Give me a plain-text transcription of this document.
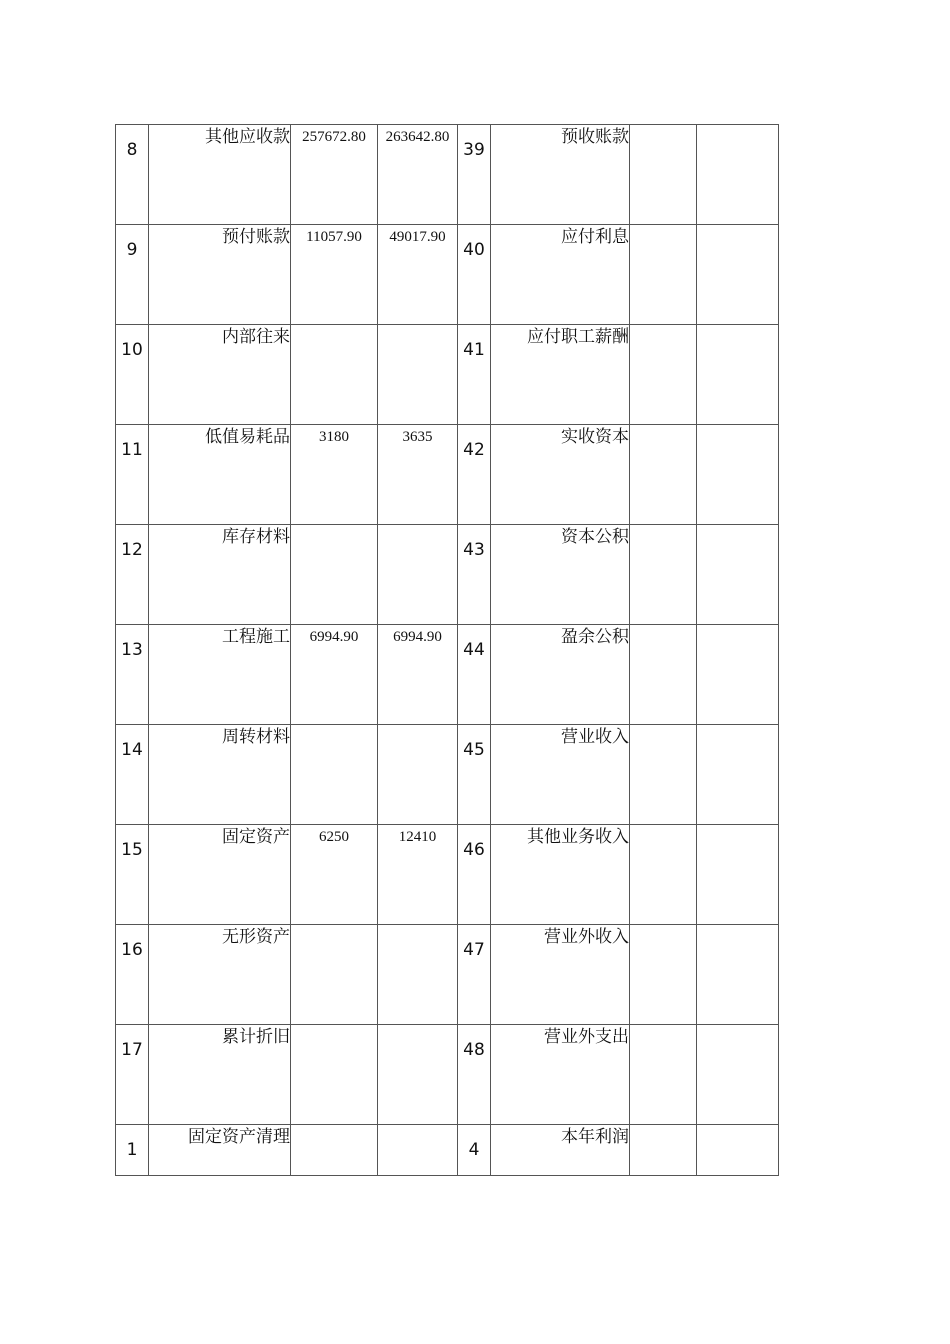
8	其他应收款	257672.80	263642.80	39	预收账款		
9	预付账款	11057.90	49017.90	40	应付利息		
10	内部往来			41	应付职工薪酬		
11	低值易耗品	3180	3635	42	实收资本		
12	库存材料			43	资本公积		
13	工程施工	6994.90	6994.90	44	盈余公积		
14	周转材料			45	营业收入		
15	固定资产	6250	12410	46	其他业务收入		
16	无形资产			47	营业外收入		
17	累计折旧			48	营业外支出		
1	固定资产清理			4	本年利润		
